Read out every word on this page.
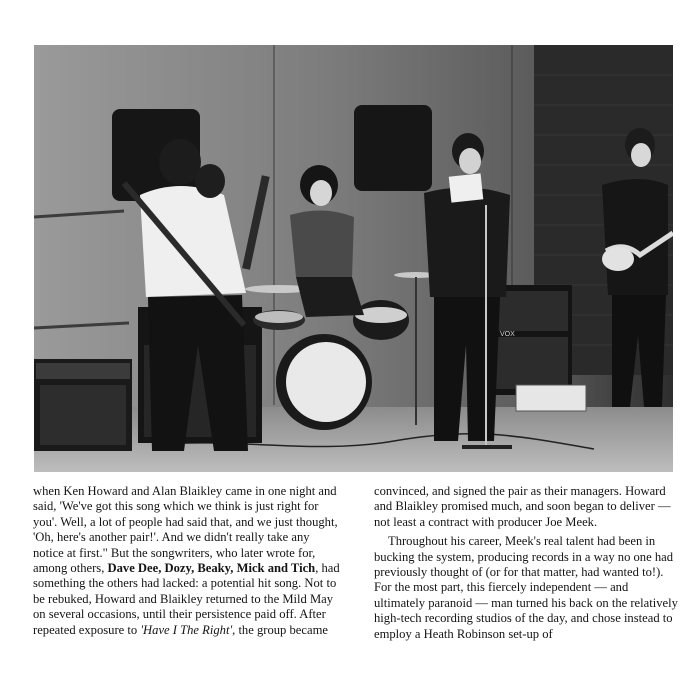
VOX

when Ken Howard and Alan Blaikley came in one night and said, 'We've got this song which we think is just right for you'. Well, a lot of people had said that, and we just thought, 'Oh, here's another pair!'. And we didn't really take any notice at first." But the songwriters, who later wrote for, among others, Dave Dee, Dozy, Beaky, Mick and Tich, had something the others had lacked: a potential hit song. Not to be rebuked, Howard and Blaikley returned to the Mild May on several occasions, until their persistence paid off. After repeated exposure to 'Have I The Right', the group became

convinced, and signed the pair as their managers. Howard and Blaikley promised much, and soon began to deliver — not least a contract with producer Joe Meek.

Throughout his career, Meek's real talent had been in bucking the system, producing records in a way no one had previously thought of (or for that matter, had wanted to!). For the most part, this fiercely independent — and ultimately paranoid — man turned his back on the relatively high-tech recording studios of the day, and chose instead to employ a Heath Robinson set-up of
